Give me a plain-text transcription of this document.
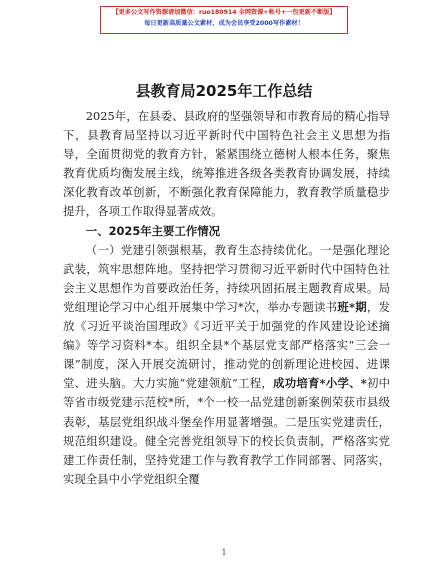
【更多公文写作资源请加微信：ruo180914 全网资源+帐号+一包更新不断版】
每日更新高质量公文素材，成为会员享受2000写作素材！
县教育局2025年工作总结

2025年，在县委、县政府的坚强领导和市教育局的精心指导下，县教育局坚持以习近平新时代中国特色社会主义思想为指导，全面贯彻党的教育方针，紧紧围绕立德树人根本任务，聚焦教育优质均衡发展主线，统筹推进各级各类教育协调发展，持续深化教育改革创新，不断强化教育保障能力，教育教学质量稳步提升，各项工作取得显著成效。

一、2025年主要工作情况

（一）党建引领强根基，教育生态持续优化。一是强化理论武装，筑牢思想阵地。坚持把学习贯彻习近平新时代中国特色社会主义思想作为首要政治任务，持续巩固拓展主题教育成果。局党组理论学习中心组开展集中学习*次，举办专题读书班*期，发放《习近平谈治国理政》《习近平关于加强党的作风建设论述摘编》等学习资料*本。组织全县*个基层党支部严格落实“三会一课”制度，深入开展交流研讨，推动党的创新理论进校园、进课堂、进头脑。大力实施“党建领航”工程，成功培育*小学、*初中等省市级党建示范校*所，*个一校一品党建创新案例荣获市县级表彰，基层党组织战斗堡垒作用显著增强。二是压实党建责任，规范组织建设。健全完善党组领导下的校长负责制，严格落实党建工作责任制，坚持党建工作与教育教学工作同部署、同落实，实现全县中小学党组织全覆

1
